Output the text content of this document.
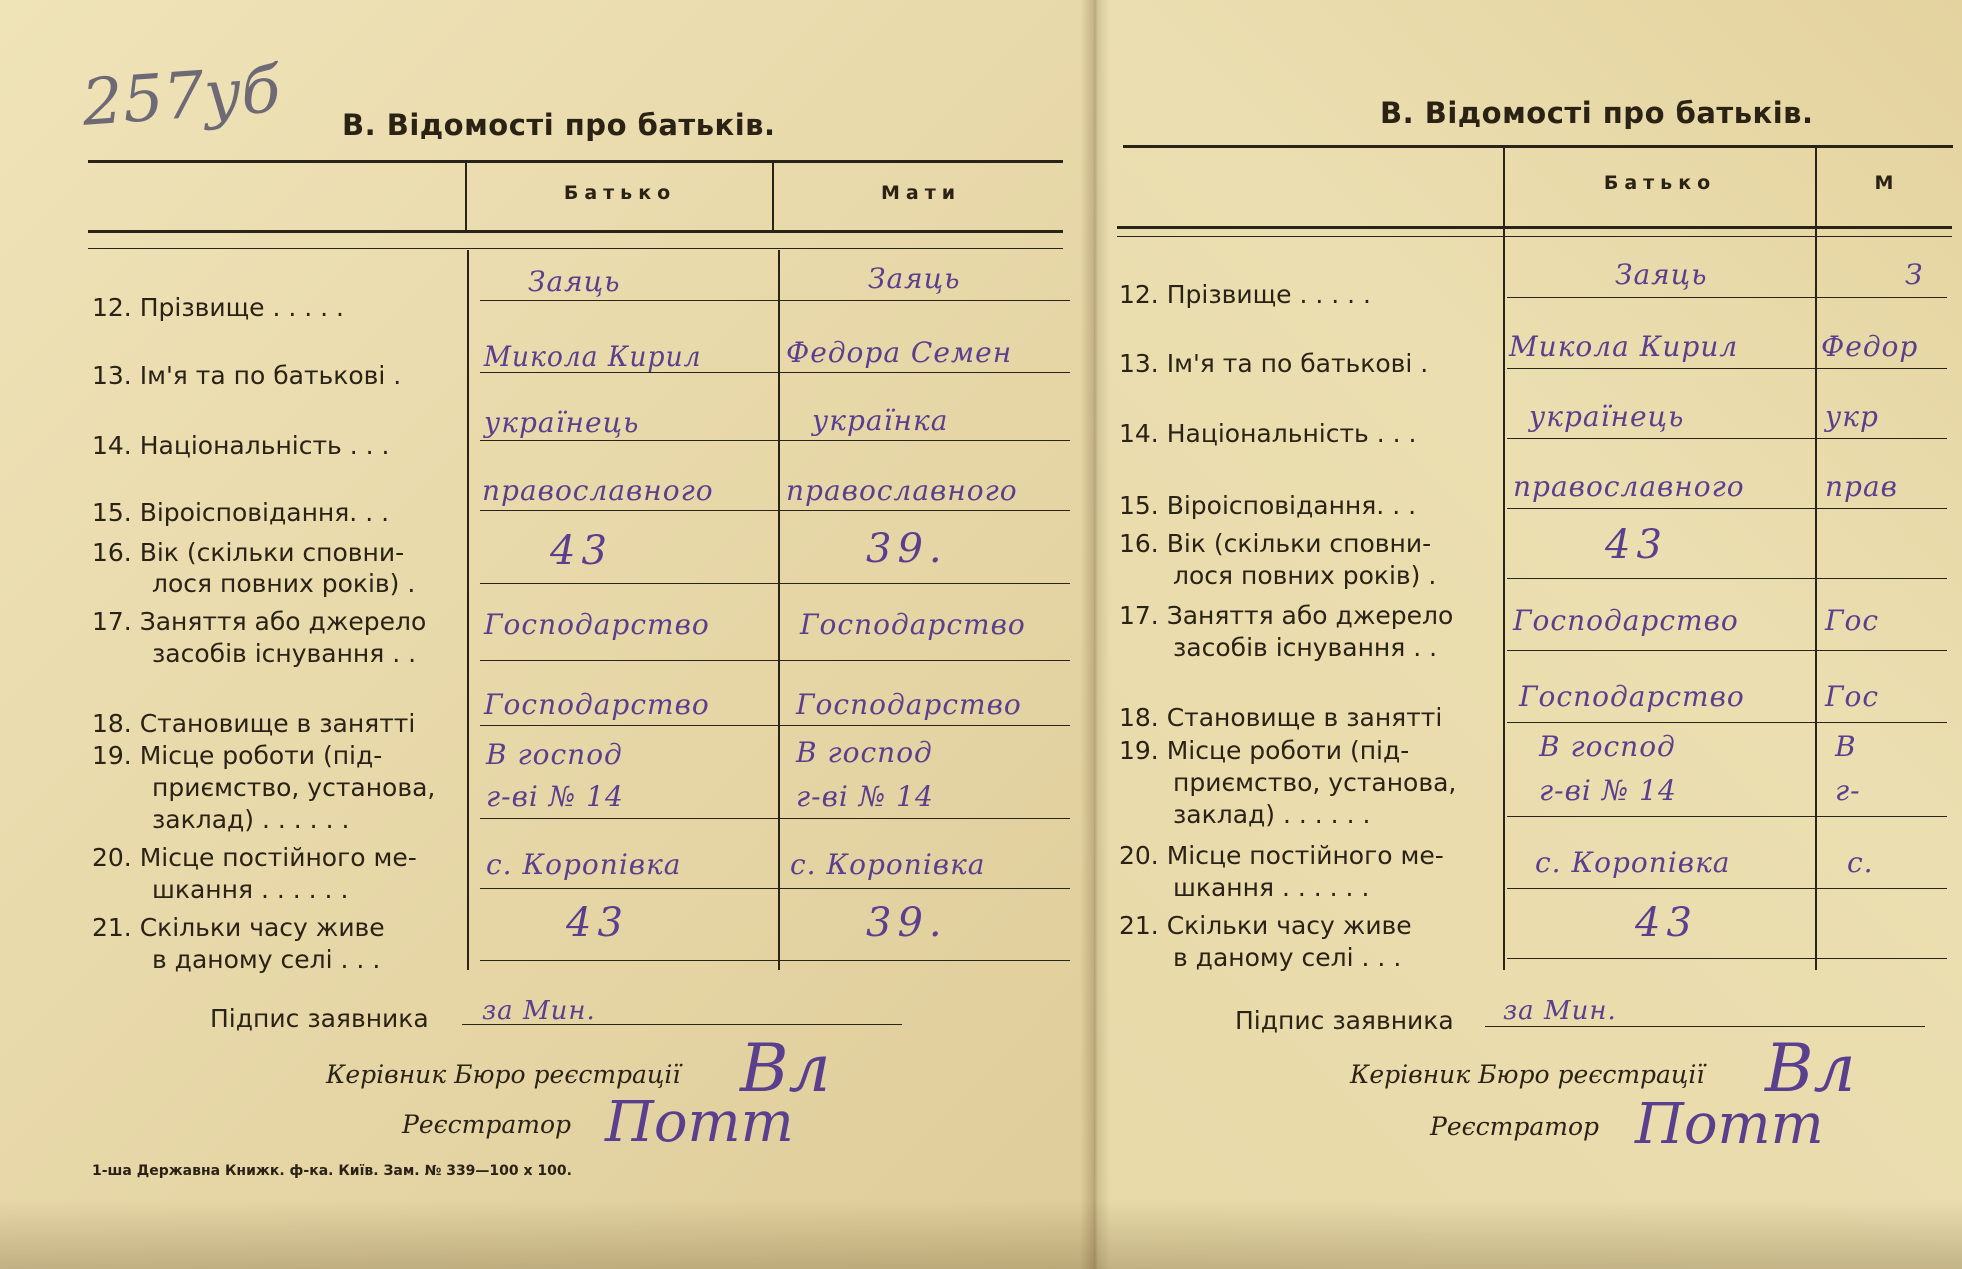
257уб В. Відомості про батьків.
Батько	Мати
12. Прізвище . . . . .
13. Ім'я та по батькові .
14. Національність . . .
15. Віроісповідання. . .
16. Вік (скільки сповни-
лося повних років) .
17. Заняття або джерело
засобів існування . .
18. Становище в занятті
19. Місце роботи (під-
приємство, установа,
заклад) . . . . . .
20. Місце постійного ме-
шкання . . . . . .
21. Скільки часу живе
в даному селі . . .
Заяць
Микола Кирил
українець
православного
43
Господарство
Господарство
В господ
г-ві № 14
с. Коропівка
43
Заяць
Федора Семен
українка
православного
39.
Господарство
Господарство
В господ
г-ві № 14
с. Коропівка
39.
Підпис заявника за Мин.
Керівник Бюро реєстрації Вл
Реєстратор Потт
1-ша Державна Книжк. ф-ка. Київ. Зам. № 339—100 х 100.
В. Відомості про батьків.
Батько	М
12. Прізвище . . . . .
13. Ім'я та по батькові .
14. Національність . . .
15. Віроісповідання. . .
16. Вік (скільки сповни-
лося повних років) .
17. Заняття або джерело
засобів існування . .
18. Становище в занятті
19. Місце роботи (під-
приємство, установа,
заклад) . . . . . .
20. Місце постійного ме-
шкання . . . . . .
21. Скільки часу живе
в даному селі . . .
Заяць
Микола Кирил
українець
православного
43
Господарство
Господарство
В господ
г-ві № 14
с. Коропівка
43
З
Федор
укр
прав
Гос
Гос
В
г-
с.
Підпис заявника за Мин.
Керівник Бюро реєстрації Вл
Реєстратор Потт
